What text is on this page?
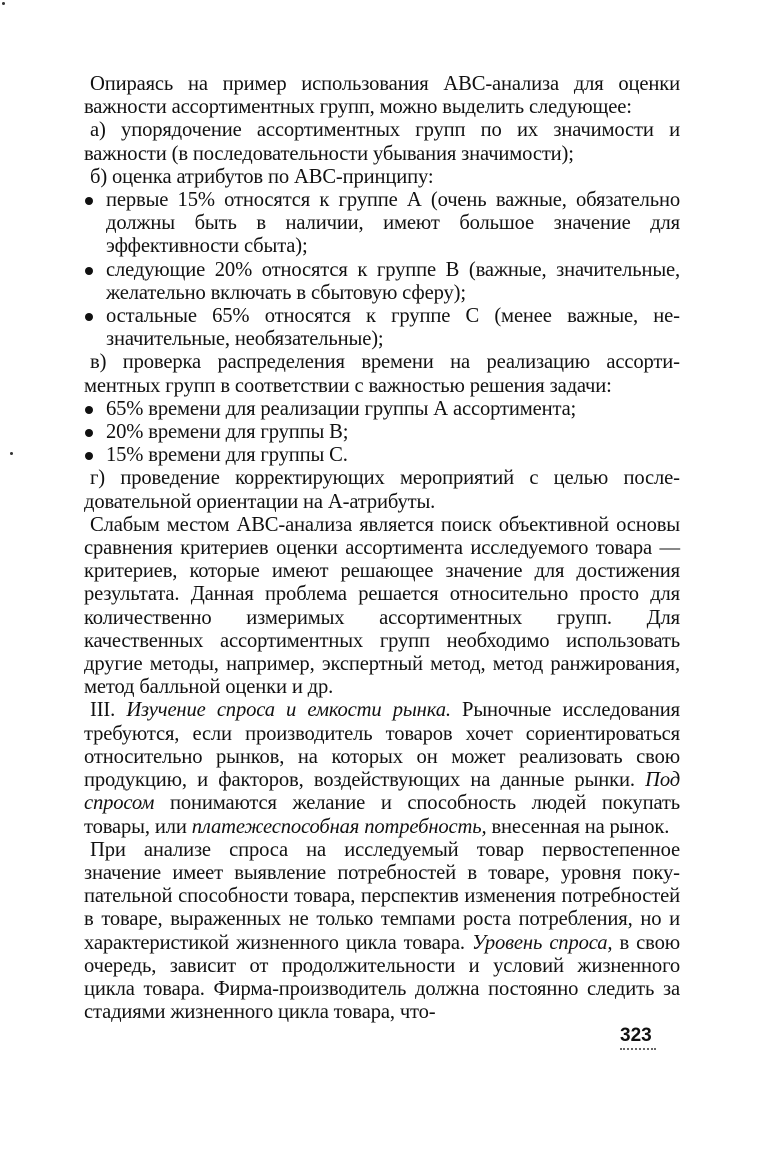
Опираясь на пример использования АВС-анализа для оценки важности ассортиментных групп, можно выделить следующее:

а) упорядочение ассортиментных групп по их значимости и важности (в последовательности убывания значимости);

б) оценка атрибутов по АВС-принципу:

первые 15% относятся к группе А (очень важные, обязательно должны быть в наличии, имеют большое значение для эффективности сбыта);
следующие 20% относятся к группе В (важные, значительные, желательно включать в сбытовую сферу);
остальные 65% относятся к группе С (менее важные, незначительные, необязательные);

в) проверка распределения времени на реализацию ассортиментных групп в соответствии с важностью решения задачи:

65% времени для реализации группы А ассортимента;
20% времени для группы В;
15% времени для группы С.

г) проведение корректирующих мероприятий с целью последовательной ориентации на А-атрибуты.

Слабым местом АВС-анализа является поиск объективной основы сравнения критериев оценки ассортимента исследуемого товара — критериев, которые имеют решающее значение для достижения результата. Данная проблема решается относительно просто для количественно измеримых ассортиментных групп. Для качественных ассортиментных групп необходимо использовать другие методы, например, экспертный метод, метод ранжирования, метод балльной оценки и др.

III. Изучение спроса и емкости рынка. Рыночные исследования требуются, если производитель товаров хочет сориентироваться относительно рынков, на которых он может реализовать свою продукцию, и факторов, воздействующих на данные рынки. Под спросом понимаются желание и способность людей покупать товары, или платежеспособная потребность, внесенная на рынок.

При анализе спроса на исследуемый товар первостепенное значение имеет выявление потребностей в товаре, уровня покупательной способности товара, перспектив изменения потребностей в товаре, выраженных не только темпами роста потребления, но и характеристикой жизненного цикла товара. Уровень спроса, в свою очередь, зависит от продолжительности и условий жизненного цикла товара. Фирма-производитель должна постоянно следить за стадиями жизненного цикла товара, что-

323
